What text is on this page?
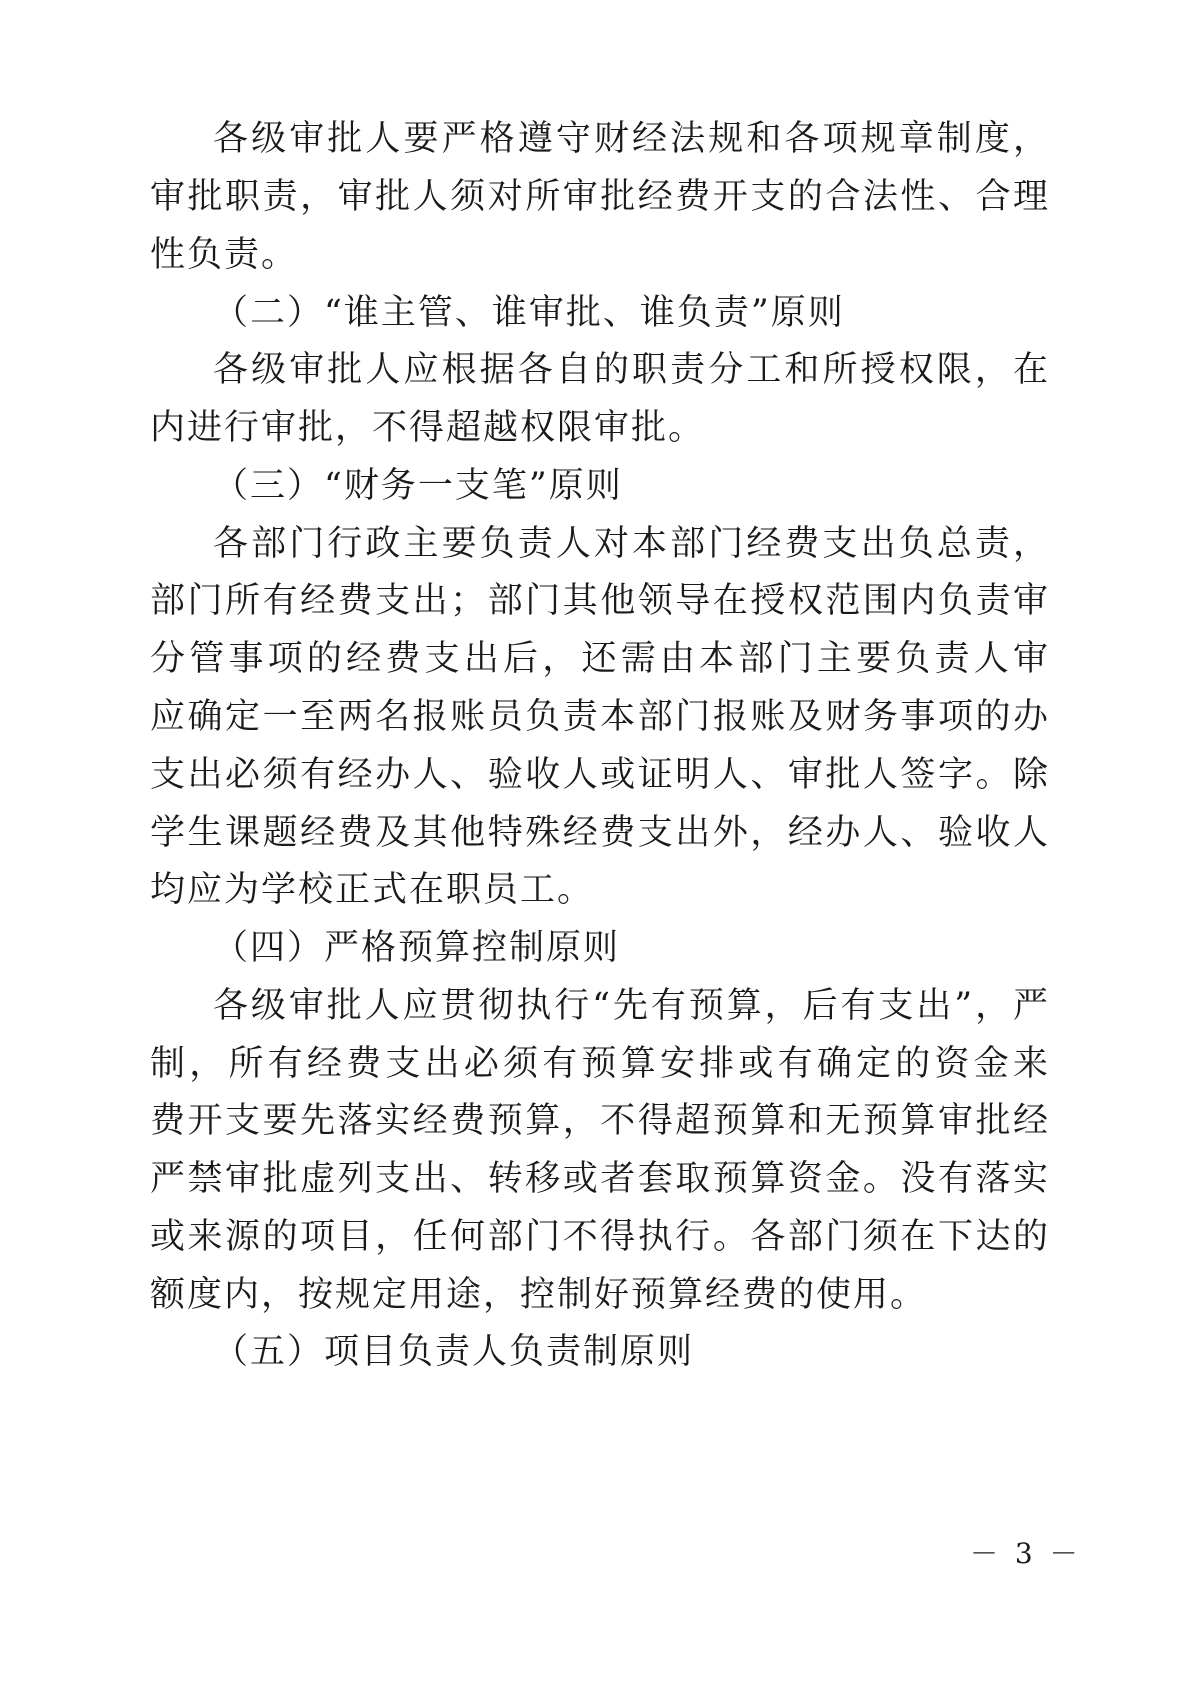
各级审批人要严格遵守财经法规和各项规章制度，
审批职责，审批人须对所审批经费开支的合法性、合理
性负责。
（二）“谁主管、谁审批、谁负责”原则
各级审批人应根据各自的职责分工和所授权限，在
内进行审批，不得超越权限审批。
（三）“财务一支笔”原则
各部门行政主要负责人对本部门经费支出负总责，
部门所有经费支出；部门其他领导在授权范围内负责审
分管事项的经费支出后，还需由本部门主要负责人审
应确定一至两名报账员负责本部门报账及财务事项的办
支出必须有经办人、验收人或证明人、审批人签字。除
学生课题经费及其他特殊经费支出外，经办人、验收人
均应为学校正式在职员工。
（四）严格预算控制原则
各级审批人应贯彻执行“先有预算，后有支出”，严
制，所有经费支出必须有预算安排或有确定的资金来
费开支要先落实经费预算，不得超预算和无预算审批经
严禁审批虚列支出、转移或者套取预算资金。没有落实
或来源的项目，任何部门不得执行。各部门须在下达的
额度内，按规定用途，控制好预算经费的使用。
（五）项目负责人负责制原则
－ 3 －
